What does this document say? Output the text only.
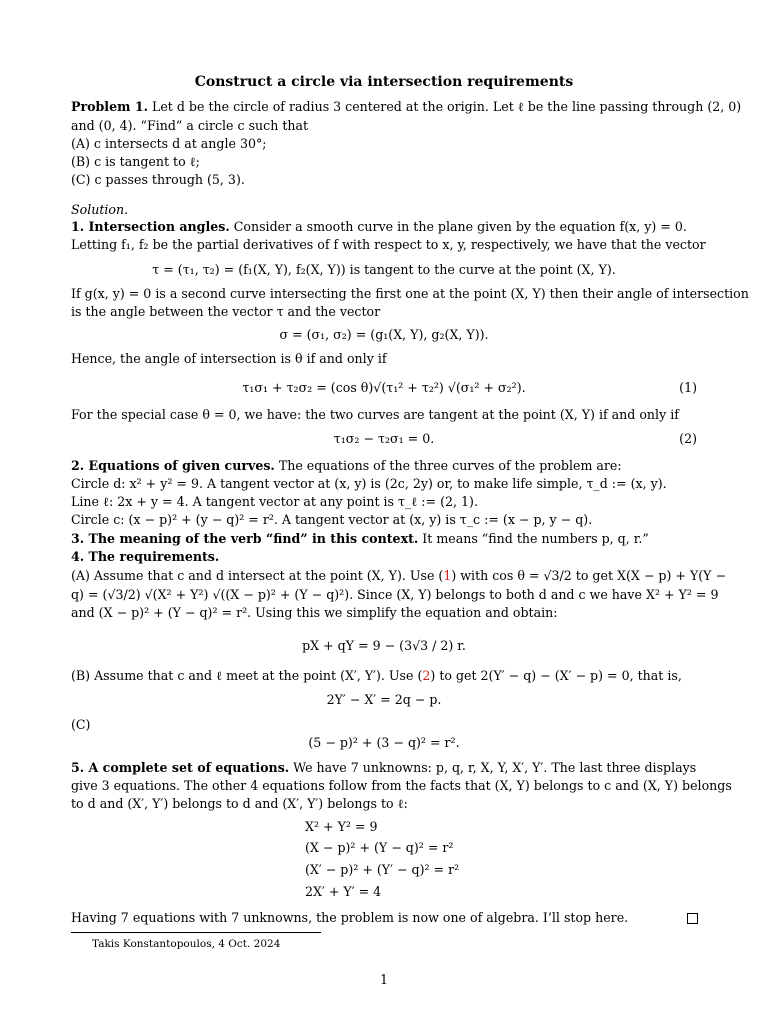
Construct a circle via intersection requirements
Problem 1. Let d be the circle of radius 3 centered at the origin. Let ℓ be the line passing through (2, 0)
and (0, 4). “Find” a circle c such that
(A) c intersects d at angle 30°;
(B) c is tangent to ℓ;
(C) c passes through (5, 3).
Solution.
1. Intersection angles. Consider a smooth curve in the plane given by the equation f(x, y) = 0.
Letting f₁, f₂ be the partial derivatives of f with respect to x, y, respectively, we have that the vector
τ = (τ₁, τ₂) = (f₁(X, Y), f₂(X, Y)) is tangent to the curve at the point (X, Y).
If g(x, y) = 0 is a second curve intersecting the first one at the point (X, Y) then their angle of intersection
is the angle between the vector τ and the vector
σ = (σ₁, σ₂) = (g₁(X, Y), g₂(X, Y)).
Hence, the angle of intersection is θ if and only if
τ₁σ₁ + τ₂σ₂ = (cos θ)√(τ₁² + τ₂²) √(σ₁² + σ₂²).	(1)
For the special case θ = 0, we have: the two curves are tangent at the point (X, Y) if and only if
τ₁σ₂ − τ₂σ₁ = 0.	(2)
2. Equations of given curves. The equations of the three curves of the problem are:
Circle d: x² + y² = 9. A tangent vector at (x, y) is (2c, 2y) or, to make life simple, τ_d := (x, y).
Line ℓ: 2x + y = 4. A tangent vector at any point is τ_ℓ := (2, 1).
Circle c: (x − p)² + (y − q)² = r². A tangent vector at (x, y) is τ_c := (x − p, y − q).
3. The meaning of the verb “find” in this context. It means “find the numbers p, q, r.”
4. The requirements.
(A) Assume that c and d intersect at the point (X, Y). Use (1) with cos θ = √3/2 to get X(X − p) + Y(Y −
q) = (√3/2) √(X² + Y²) √((X − p)² + (Y − q)²). Since (X, Y) belongs to both d and c we have X² + Y² = 9
and (X − p)² + (Y − q)² = r². Using this we simplify the equation and obtain:
pX + qY = 9 − (3√3 / 2) r.
(B) Assume that c and ℓ meet at the point (X′, Y′). Use (2) to get 2(Y′ − q) − (X′ − p) = 0, that is,
2Y′ − X′ = 2q − p.
(C)
(5 − p)² + (3 − q)² = r².
5. A complete set of equations. We have 7 unknowns: p, q, r, X, Y, X′, Y′. The last three displays
give 3 equations. The other 4 equations follow from the facts that (X, Y) belongs to c and (X, Y) belongs
to d and (X′, Y′) belongs to d and (X′, Y′) belongs to ℓ:
X² + Y² = 9
(X − p)² + (Y − q)² = r²
(X′ − p)² + (Y′ − q)² = r²
2X′ + Y′ = 4
Having 7 equations with 7 unknowns, the problem is now one of algebra. I’ll stop here.
Takis Konstantopoulos, 4 Oct. 2024
1
